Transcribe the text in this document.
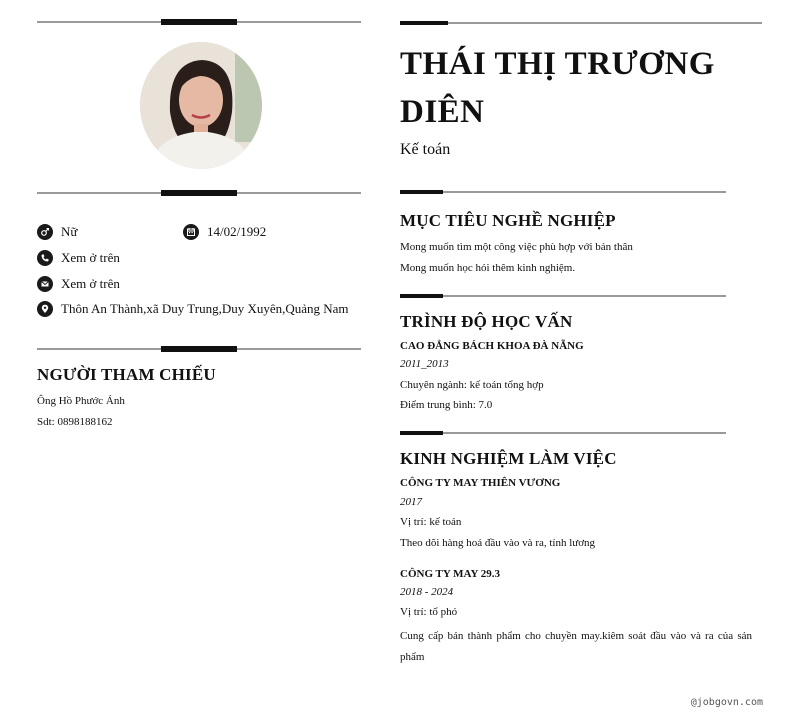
Nữ	14/02/1992
Xem ở trên
Xem ở trên
Thôn An Thành,xã Duy Trung,Duy Xuyên,Quảng Nam
NGƯỜI THAM CHIẾU
Ông Hồ Phước Ánh
Sdt: 0898188162
THÁI THỊ TRƯƠNG DIÊN
Kế toán
MỤC TIÊU NGHỀ NGHIỆP
Mong muốn tìm một công việc phù hợp với bản thân
Mong muốn học hỏi thêm kinh nghiệm.
TRÌNH ĐỘ HỌC VẤN
CAO ĐẲNG BÁCH KHOA ĐÀ NẴNG
2011_2013
Chuyên ngành: kế toán tổng hợp
Điểm trung bình: 7.0
KINH NGHIỆM LÀM VIỆC
CÔNG TY MAY THIÊN VƯƠNG
2017
Vị trí: kế toán
Theo dõi hàng hoá đầu vào và ra, tính lương
CÔNG TY MAY 29.3
2018 - 2024
Vị trí: tổ phó
Cung cấp bán thành phẩm cho chuyền may.kiêm soát đầu vào và ra của sản phẩm
@jobgovn.com
